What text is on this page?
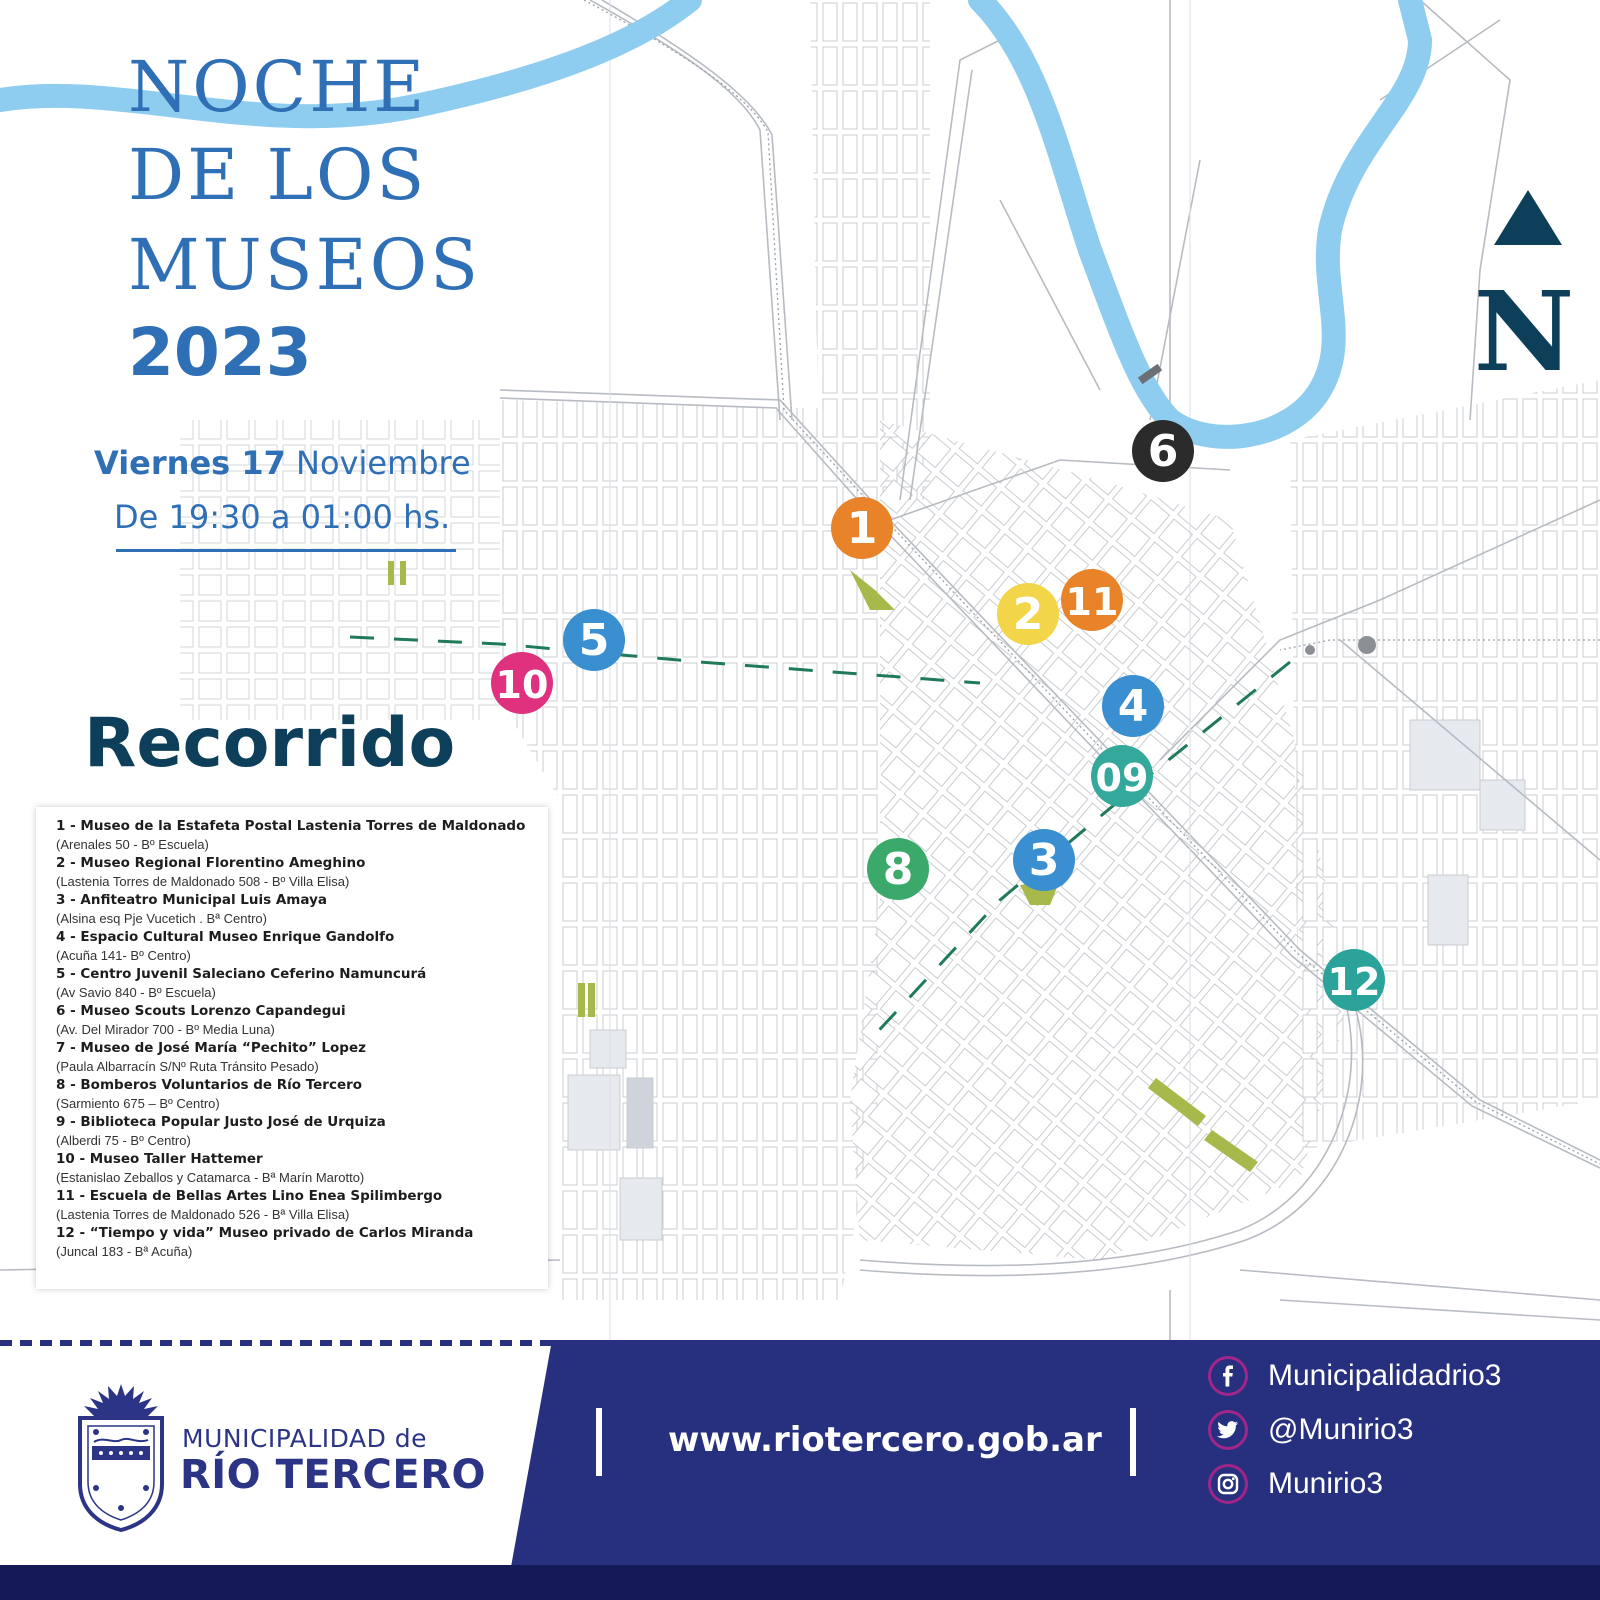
1
2 11
6
5
10	4
09
8	3
12
N
NOCHE
DE LOS
MUSEOS
2023
Viernes 17 Noviembre
De 19:30 a 01:00 hs.
Recorrido
1 - Museo de la Estafeta Postal Lastenia Torres de Maldonado
(Arenales 50 - Bº Escuela)
2 - Museo Regional Florentino Ameghino
(Lastenia Torres de Maldonado 508 - Bº Villa Elisa)
3 - Anfiteatro Municipal Luis Amaya
(Alsina esq Pje Vucetich . Bª Centro)
4 - Espacio Cultural Museo Enrique Gandolfo
(Acuña 141- Bº Centro)
5 - Centro Juvenil Saleciano Ceferino Namuncurá
(Av Savio 840 - Bº Escuela)
6 - Museo Scouts Lorenzo Capandegui
(Av. Del Mirador 700 - Bº Media Luna)
7 - Museo de José María “Pechito” Lopez
(Paula Albarracín S/Nº Ruta Tránsito Pesado)
8 - Bomberos Voluntarios de Río Tercero
(Sarmiento 675 – Bº Centro)
9 - Biblioteca Popular Justo José de Urquiza
(Alberdi 75 - Bº Centro)
10 - Museo Taller Hattemer
(Estanislao Zeballos y Catamarca - Bª Marín Marotto)
11 - Escuela de Bellas Artes Lino Enea Spilimbergo
(Lastenia Torres de Maldonado 526 - Bª Villa Elisa)
12 - “Tiempo y vida” Museo privado de Carlos Miranda
(Juncal 183 - Bª Acuña)
MUNICIPALIDAD de
RÍO TERCERO
www.riotercero.gob.ar
Municipalidadrio3
@Munirio3
Munirio3
